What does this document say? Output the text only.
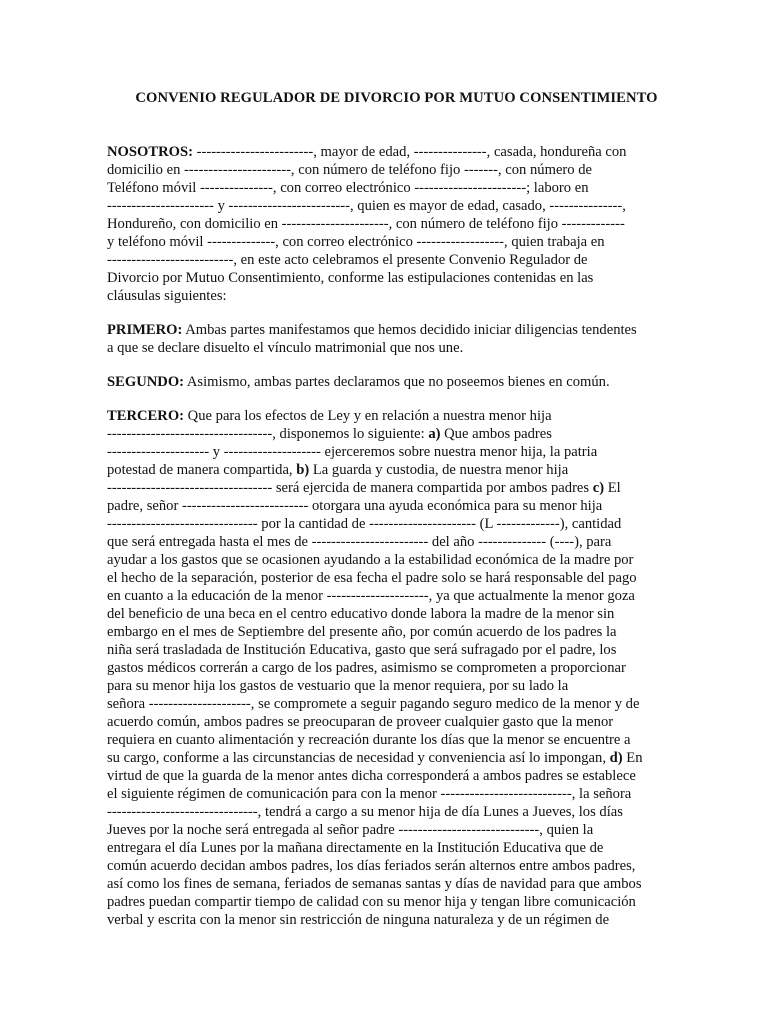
CONVENIO REGULADOR DE DIVORCIO POR MUTUO CONSENTIMIENTO
NOSOTROS: ------------------------, mayor de edad, ---------------, casada, hondureña con
domicilio en ----------------------, con número de teléfono fijo -------, con número de
Teléfono móvil ---------------, con correo electrónico -----------------------; laboro en
---------------------- y -------------------------, quien es mayor de edad, casado, ---------------,
Hondureño, con domicilio en ----------------------, con número de teléfono fijo -------------
y teléfono móvil --------------, con correo electrónico ------------------, quien trabaja en
--------------------------, en este acto celebramos el presente Convenio Regulador de
Divorcio por Mutuo Consentimiento, conforme las estipulaciones contenidas en las
cláusulas siguientes:
PRIMERO: Ambas partes manifestamos que hemos decidido iniciar diligencias tendentes
a que se declare disuelto el vínculo matrimonial que nos une.
SEGUNDO: Asimismo, ambas partes declaramos que no poseemos bienes en común.
TERCERO: Que para los efectos de Ley y en relación a nuestra menor hija
----------------------------------, disponemos lo siguiente: a) Que ambos padres
--------------------- y -------------------- ejerceremos sobre nuestra menor hija, la patria
potestad de manera compartida, b) La guarda y custodia, de nuestra menor hija
---------------------------------- será ejercida de manera compartida por ambos padres c) El
padre, señor -------------------------- otorgara una ayuda económica para su menor hija
------------------------------- por la cantidad de ---------------------- (L -------------), cantidad
que será entregada hasta el mes de ------------------------ del año -------------- (----), para
ayudar a los gastos que se ocasionen ayudando a la estabilidad económica de la madre por
el hecho de la separación, posterior de esa fecha el padre solo se hará responsable del pago
en cuanto a la educación de la menor ---------------------, ya que actualmente la menor goza
del beneficio de una beca en el centro educativo donde labora la madre de la menor sin
embargo en el mes de Septiembre del presente año, por común acuerdo de los padres la
niña será trasladada de Institución Educativa, gasto que será sufragado por el padre, los
gastos médicos correrán a cargo de los padres, asimismo se comprometen a proporcionar
para su menor hija los gastos de vestuario que la menor requiera, por su lado la
señora ---------------------, se compromete a seguir pagando seguro medico de la menor y de
acuerdo común, ambos padres se preocuparan de proveer cualquier gasto que la menor
requiera en cuanto alimentación y recreación durante los días que la menor se encuentre a
su cargo, conforme a las circunstancias de necesidad y conveniencia así lo impongan, d) En
virtud de que la guarda de la menor antes dicha corresponderá a ambos padres se establece
el siguiente régimen de comunicación para con la menor ---------------------------, la señora
-------------------------------, tendrá a cargo a su menor hija de día Lunes a Jueves, los días
Jueves por la noche será entregada al señor padre -----------------------------, quien la
entregara el día Lunes por la mañana directamente en la Institución Educativa que de
común acuerdo decidan ambos padres, los días feriados serán alternos entre ambos padres,
así como los fines de semana, feriados de semanas santas y días de navidad para que ambos
padres puedan compartir tiempo de calidad con su menor hija y tengan libre comunicación
verbal y escrita con la menor sin restricción de ninguna naturaleza y de un régimen de
